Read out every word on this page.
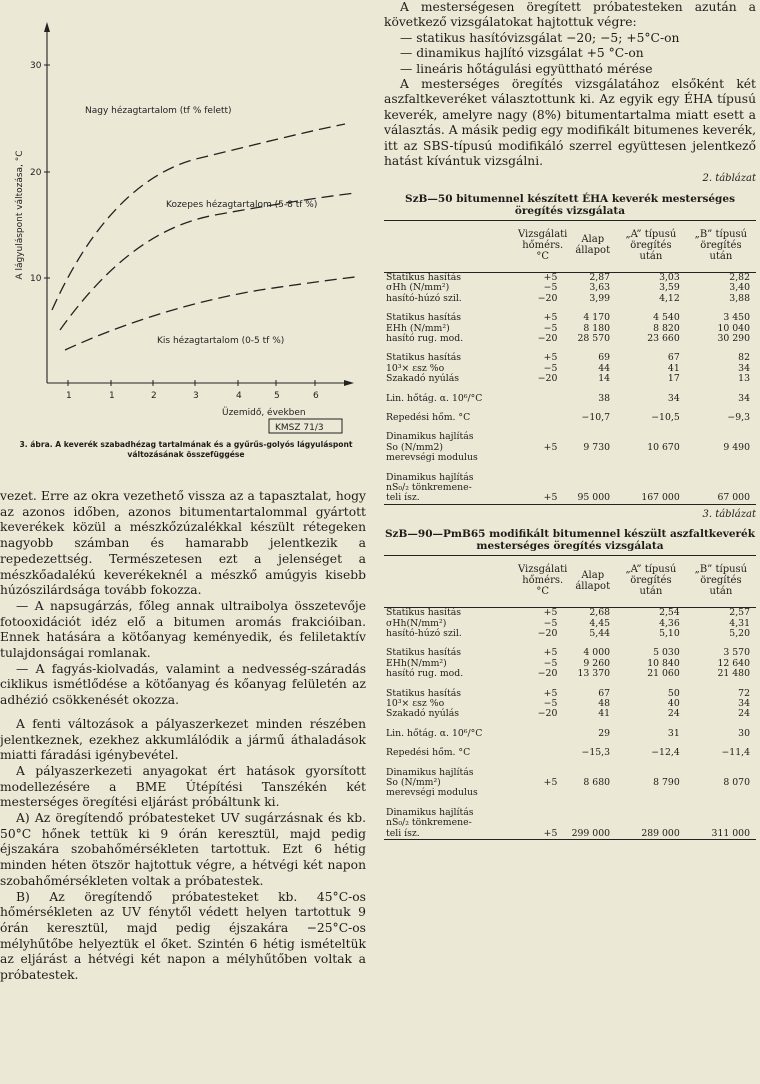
30
20
10
A lágyuláspont változása, °C
1	1	2	3	4	5	6
Üzemidő, években
KMSZ 71/3
Nagy hézagtartalom (tf % felett)
Kozepes hézagtartalom (5-8 tf %)
Kis hézagtartalom (0-5 tf %)
3. ábra. A keverék szabadhézag tartalmának és a gyűrűs-golyós lágyuláspont változásának összefüggése

vezet. Erre az okra vezethető vissza az a tapasztalat, hogy az azonos időben, azonos bitumentartalommal gyártott keverékek közül a mészkőzúzalékkal készült rétegeken nagyobb számban és hamarabb jelentkezik a repedezettség. Természetesen ezt a jelenséget a mészkőadalékú keverékeknél a mészkő amúgyis kisebb húzószilárdsága tovább fokozza.

— A napsugárzás, főleg annak ultraibolya összetevője fotooxidációt idéz elő a bitumen aromás frakcióiban. Ennek hatására a kötőanyag keményedik, és feliletaktív tulajdonságai romlanak.

— A fagyás-kiolvadás, valamint a nedvesség-száradás ciklikus ismétlődése a kötőanyag és kőanyag felületén az adhézió csökkenését okozza.

A fenti változások a pályaszerkezet minden részében jelentkeznek, ezekhez akkumlálódik a jármű áthaladások miatti fáradási igénybevétel.

A pályaszerkezeti anyagokat ért hatások gyorsított modellezésére a BME Útépítési Tanszékén két mesterséges öregítési eljárást próbáltunk ki.

A) Az öregítendő próbatesteket UV sugárzásnak és kb. 50°C hőnek tettük ki 9 órán keresztül, majd pedig éjszakára szobahőmérsékleten tartottuk. Ezt 6 hétig minden héten ötször hajtottuk végre, a hétvégi két napon szobahőmérsékleten voltak a próbatestek.

B) Az öregítendő próbatesteket kb. 45°C-os hőmérsékleten az UV fénytől védett helyen tartottuk 9 órán keresztül, majd pedig éjszakára −25°C-os mélyhűtőbe helyeztük el őket. Szintén 6 hétig ismételtük az eljárást a hétvégi két napon a mélyhűtőben voltak a próbatestek.

A mesterségesen öregített próbatesteken azután a következő vizsgálatokat hajtottuk végre:

— statikus hasítóvizsgálat −20; −5; +5°C-on

— dinamikus hajlító vizsgálat +5 °C-on

— lineáris hőtágulási együttható mérése

A mesterséges öregítés vizsgálatához elsőként két aszfaltkeveréket választottunk ki. Az egyik egy ÉHA típusú keverék, amelyre nagy (8%) bitumentartalma miatt esett a választás. A másik pedig egy modifikált bitumenes keverék, itt az SBS-típusú modifikáló szerrel együttesen jelentkező hatást kívántuk vizsgálni.

2. táblázat
SzB—50 bitumennel készített ÉHA keverék mesterséges öregítés vizsgálata
	Vizsgálati hőmérs. °C	Alap állapot	„A” típusú öregítés után	„B” típusú öregítés után
Statikus hasítás	+5	2,87	3,03	2,82
σHh (N/mm²)	−5	3,63	3,59	3,40
hasító-húzó szil.	−20	3,99	4,12	3,88

Statikus hasítás	+5	4 170	4 540	3 450
EHh (N/mm²)	−5	8 180	8 820	10 040
hasító rug. mod.	−20	28 570	23 660	30 290

Statikus hasítás	+5	69	67	82
10³× εsz %o	−5	44	41	34
Szakadó nyúlás	−20	14	17	13

Lin. hőtág. α. 10⁶/°C		38	34	34

Repedési hőm. °C		−10,7	−10,5	−9,3

Dinamikus hajlítás				
So (N/mm2)	+5	9 730	10 670	9 490
merevségi modulus				

Dinamikus hajlítás				
nS₀/₂ tönkremene-				
teli ísz.	+5	95 000	167 000	67 000
3. táblázat
SzB—90—PmB65 modifikált bitumennel készült aszfaltkeverék mesterséges öregítés vizsgálata
	Vizsgálati hőmérs. °C	Alap állapot	„A” típusú öregítés után	„B” típusú öregítés után
Statikus hasítás	+5	2,68	2,54	2,57
σHh(N/mm²)	−5	4,45	4,36	4,31
hasító-húzó szil.	−20	5,44	5,10	5,20

Statikus hasítás	+5	4 000	5 030	3 570
EHh(N/mm²)	−5	9 260	10 840	12 640
hasító rug. mod.	−20	13 370	21 060	21 480

Statikus hasítás	+5	67	50	72
10³× εsz %o	−5	48	40	34
Szakadó nyúlás	−20	41	24	24

Lin. hőtág. α. 10⁶/°C		29	31	30

Repedési hőm. °C		−15,3	−12,4	−11,4

Dinamikus hajlítás				
So (N/mm²)	+5	8 680	8 790	8 070
merevségi modulus				

Dinamikus hajlítás				
nS₀/₂ tönkremene-				
teli ísz.	+5	299 000	289 000	311 000
